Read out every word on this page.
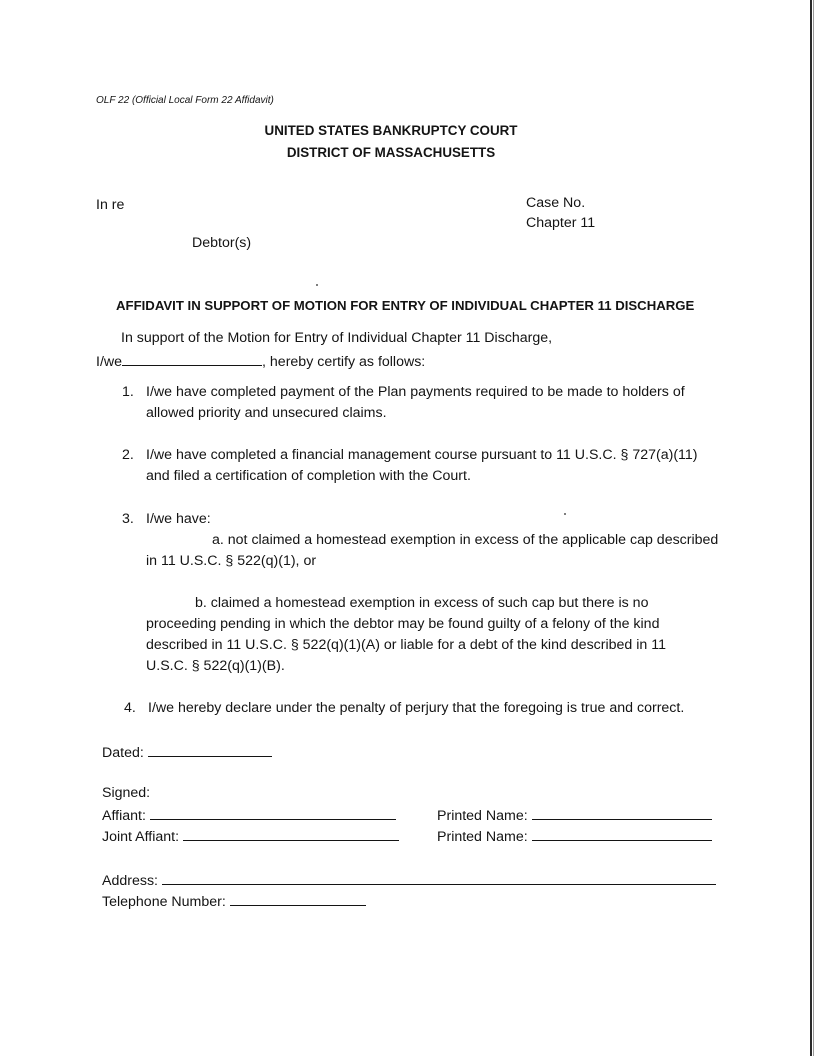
OLF 22 (Official Local Form 22 Affidavit)
UNITED STATES BANKRUPTCY COURT
DISTRICT OF MASSACHUSETTS
In re	Case No.
Chapter 11
Debtor(s)
AFFIDAVIT IN SUPPORT OF MOTION FOR ENTRY OF INDIVIDUAL CHAPTER 11 DISCHARGE
In support of the Motion for Entry of Individual Chapter 11 Discharge,
I/we	, hereby certify as follows:
1. I/we have completed payment of the Plan payments required to be made to holders of
allowed priority and unsecured claims.
2. I/we have completed a financial management course pursuant to 11 U.S.C. § 727(a)(11)
and filed a certification of completion with the Court.
3. I/we have:
a. not claimed a homestead exemption in excess of the applicable cap described
in 11 U.S.C. § 522(q)(1), or
b. claimed a homestead exemption in excess of such cap but there is no
proceeding pending in which the debtor may be found guilty of a felony of the kind
described in 11 U.S.C. § 522(q)(1)(A) or liable for a debt of the kind described in 11
U.S.C. § 522(q)(1)(B).
4. I/we hereby declare under the penalty of perjury that the foregoing is true and correct.
Dated:
Signed:
Affiant:	Printed Name:
Joint Affiant:	Printed Name:
Address:
Telephone Number:
